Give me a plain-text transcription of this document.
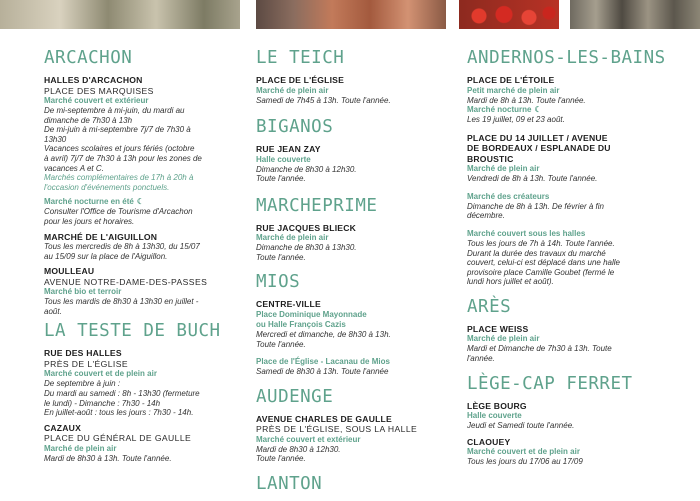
ARCACHON
HALLES D'ARCACHON
PLACE DES MARQUISES
Marché couvert et extérieur
De mi-septembre à mi-juin, du mardi au
dimanche de 7h30 à 13h
De mi-juin à mi-septembre 7j/7 de 7h30 à
13h30
Vacances scolaires et jours fériés (octobre
à avril) 7j/7 de 7h30 à 13h pour les zones de
vacances A et C.
Marchés complémentaires de 17h à 20h à
l'occasion d'événements ponctuels.
Marché nocturne en été ☾
Consulter l'Office de Tourisme d'Arcachon
pour les jours et horaires.
MARCHÉ DE L'AIGUILLON
Tous les mercredis de 8h à 13h30, du 15/07
au 15/09 sur la place de l'Aiguillon.
MOULLEAU
AVENUE NOTRE-DAME-DES-PASSES
Marché bio et terroir
Tous les mardis de 8h30 à 13h30 en juillet -
août.
LA TESTE DE BUCH
RUE DES HALLES
PRÈS DE L'ÉGLISE
Marché couvert et de plein air
De septembre à juin :
Du mardi au samedi : 8h - 13h30 (fermeture
le lundi) - Dimanche : 7h30 - 14h
En juillet-août : tous les jours : 7h30 - 14h.
CAZAUX
PLACE DU GÉNÉRAL DE GAULLE
Marché de plein air
Mardi de 8h30 à 13h. Toute l'année.
LE TEICH
PLACE DE L'ÉGLISE
Marché de plein air
Samedi de 7h45 à 13h. Toute l'année.
BIGANOS
RUE JEAN ZAY
Halle couverte
Dimanche de 8h30 à 12h30.
Toute l'année.
MARCHEPRIME
RUE JACQUES BLIECK
Marché de plein air
Dimanche de 8h30 à 13h30.
Toute l'année.
MIOS
CENTRE-VILLE
Place Dominique Mayonnade
ou Halle François Cazis
Mercredi et dimanche, de 8h30 à 13h.
Toute l'année.
Place de l'Église - Lacanau de Mios
Samedi de 8h30 à 13h. Toute l'année
AUDENGE
AVENUE CHARLES DE GAULLE
PRÈS DE L'ÉGLISE, SOUS LA HALLE
Marché couvert et extérieur
Mardi de 8h30 à 12h30.
Toute l'année.
LANTON
ANDERNOS-LES-BAINS
PLACE DE L'ÉTOILE
Petit marché de plein air
Mardi de 8h à 13h. Toute l'année.
Marché nocturne ☾
Les 19 juillet, 09 et 23 août.
PLACE DU 14 JUILLET / AVENUE
DE BORDEAUX / ESPLANADE DU
BROUSTIC
Marché de plein air
Vendredi de 8h à 13h. Toute l'année.
Marché des créateurs
Dimanche de 8h à 13h. De février à fin
décembre.
Marché couvert sous les halles
Tous les jours de 7h à 14h. Toute l'année.
Durant la durée des travaux du marché
couvert, celui-ci est déplacé dans une halle
provisoire place Camille Goubet (fermé le
lundi hors juillet et août).
ARÈS
PLACE WEISS
Marché de plein air
Mardi et Dimanche de 7h30 à 13h. Toute
l'année.
LÈGE-CAP FERRET
LÈGE BOURG
Halle couverte
Jeudi et Samedi toute l'année.
CLAOUEY
Marché couvert et de plein air
Tous les jours du 17/06 au 17/09
